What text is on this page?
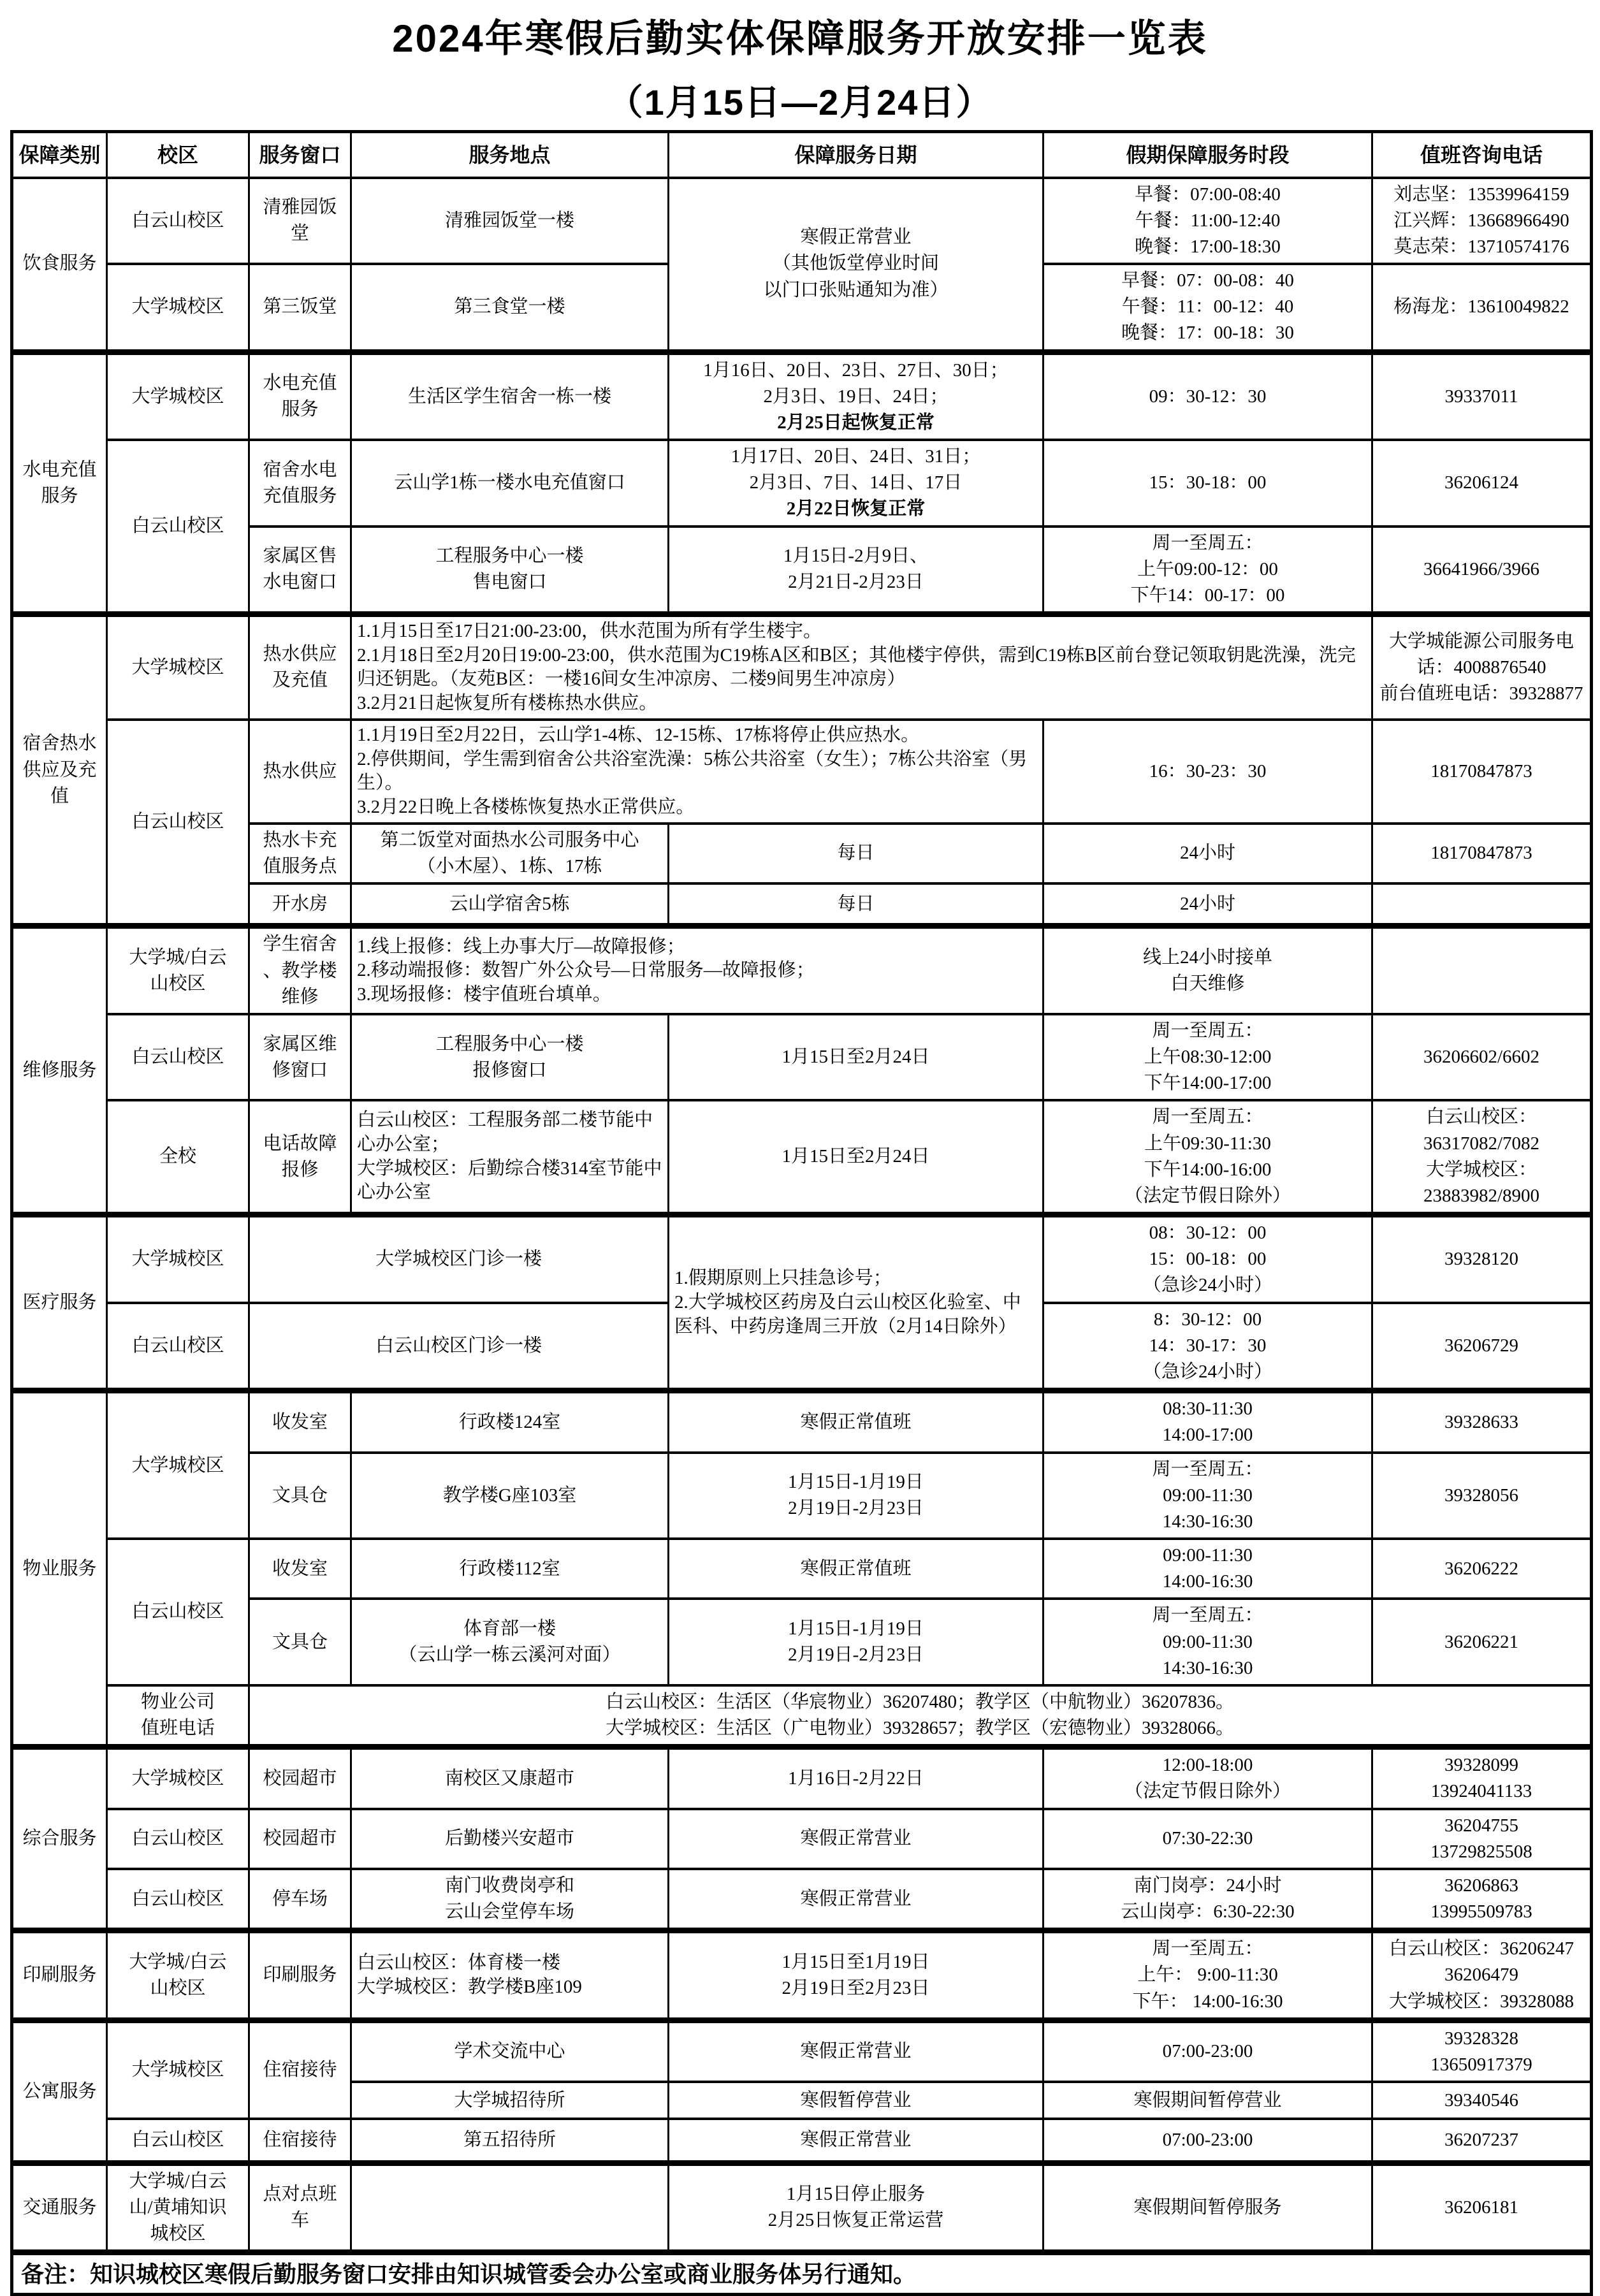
2024年寒假后勤实体保障服务开放安排一览表
（1月15日—2月24日）
保障类别	校区	服务窗口	服务地点	保障服务日期	假期保障服务时段	值班咨询电话

饮食服务	白云山校区	清雅园饭
堂	清雅园饭堂一楼	寒假正常营业
（其他饭堂停业时间
以门口张贴通知为准）	早餐：07:00-08:40
午餐：11:00-12:40
晚餐：17:00-18:30	刘志坚：13539964159
江兴辉：13668966490
莫志荣：13710574176

	大学城校区	第三饭堂	第三食堂一楼		早餐：07：00-08：40
午餐：11：00-12：40
晚餐：17：00-18：30	杨海龙：13610049822

水电充值
服务	大学城校区	水电充值
服务	生活区学生宿舍一栋一楼	1月16日、20日、23日、27日、30日；
2月3日、19日、24日；
2月25日起恢复正常	09：30-12：30	39337011

	白云山校区	宿舍水电
充值服务	云山学1栋一楼水电充值窗口	1月17日、20日、24日、31日；
2月3日、7日、14日、17日
2月22日恢复正常	15：30-18：00	36206124

		家属区售
水电窗口	工程服务中心一楼
售电窗口	1月15日-2月9日、
2月21日-2月23日	周一至周五：
上午09:00-12：00
下午14：00-17：00	36641966/3966

宿舍热水
供应及充
值	大学城校区	热水供应
及充值	1.1月15日至17日21:00-23:00，供水范围为所有学生楼宇。
2.1月18日至2月20日19:00-23:00，供水范围为C19栋A区和B区；其他楼宇停供，需到C19栋B区前台登记领取钥匙洗澡，洗完归还钥匙。（友苑B区：一楼16间女生冲凉房、二楼9间男生冲凉房）
3.2月21日起恢复所有楼栋热水供应。			大学城能源公司服务电话：4008876540
前台值班电话：39328877

	白云山校区	热水供应	1.1月19日至2月22日，云山学1-4栋、12-15栋、17栋将停止供应热水。
2.停供期间，学生需到宿舍公共浴室洗澡：5栋公共浴室（女生）；7栋公共浴室（男生）。
3.2月22日晚上各楼栋恢复热水正常供应。		16：30-23：30	18170847873

		热水卡充
值服务点	第二饭堂对面热水公司服务中心
（小木屋）、1栋、17栋	每日	24小时	18170847873

		开水房	云山学宿舍5栋	每日	24小时	

维修服务	大学城/白云
山校区	学生宿舍
、教学楼
维修	1.线上报修：线上办事大厅—故障报修；
2.移动端报修：数智广外公众号—日常服务—故障报修；
3.现场报修：楼宇值班台填单。		线上24小时接单
白天维修	

	白云山校区	家属区维
修窗口	工程服务中心一楼
报修窗口	1月15日至2月24日	周一至周五：
上午08:30-12:00
下午14:00-17:00	36206602/6602

	全校	电话故障
报修	白云山校区：工程服务部二楼节能中心办公室；
大学城校区：后勤综合楼314室节能中心办公室	1月15日至2月24日	周一至周五：
上午09:30-11:30
下午14:00-16:00
（法定节假日除外）	白云山校区：
36317082/7082
大学城校区：
23883982/8900

医疗服务	大学城校区	大学城校区门诊一楼		1.假期原则上只挂急诊号；
2.大学城校区药房及白云山校区化验室、中医科、中药房逢周三开放（2月14日除外）	08：30-12：00
15：00-18：00
（急诊24小时）	39328120

	白云山校区	白云山校区门诊一楼			8：30-12：00
14：30-17：30
（急诊24小时）	36206729

物业服务	大学城校区	收发室	行政楼124室	寒假正常值班	08:30-11:30
14:00-17:00	39328633

		文具仓	教学楼G座103室	1月15日-1月19日
2月19日-2月23日	周一至周五：
09:00-11:30
14:30-16:30	39328056

	白云山校区	收发室	行政楼112室	寒假正常值班	09:00-11:30
14:00-16:30	36206222

		文具仓	体育部一楼
（云山学一栋云溪河对面）	1月15日-1月19日
2月19日-2月23日	周一至周五：
09:00-11:30
14:30-16:30	36206221

	物业公司
值班电话	白云山校区：生活区（华宸物业）36207480；教学区（中航物业）36207836。
大学城校区：生活区（广电物业）39328657；教学区（宏德物业）39328066。				

综合服务	大学城校区	校园超市	南校区又康超市	1月16日-2月22日	12:00-18:00
（法定节假日除外）	39328099
13924041133

	白云山校区	校园超市	后勤楼兴安超市	寒假正常营业	07:30-22:30	36204755
13729825508

	白云山校区	停车场	南门收费岗亭和
云山会堂停车场	寒假正常营业	南门岗亭：24小时
云山岗亭：6:30-22:30	36206863
13995509783

印刷服务	大学城/白云
山校区	印刷服务	白云山校区：体育楼一楼
大学城校区：教学楼B座109	1月15日至1月19日
2月19日至2月23日	周一至周五：
上午： 9:00-11:30
下午： 14:00-16:30	白云山校区：36206247
36206479
大学城校区：39328088

公寓服务	大学城校区	住宿接待	学术交流中心	寒假正常营业	07:00-23:00	39328328
13650917379

			大学城招待所	寒假暂停营业	寒假期间暂停营业	39340546

	白云山校区	住宿接待	第五招待所	寒假正常营业	07:00-23:00	36207237

交通服务	大学城/白云
山/黄埔知识
城校区	点对点班
车		1月15日停止服务
2月25日恢复正常运营	寒假期间暂停服务	36206181

备注：知识城校区寒假后勤服务窗口安排由知识城管委会办公室或商业服务体另行通知。						
